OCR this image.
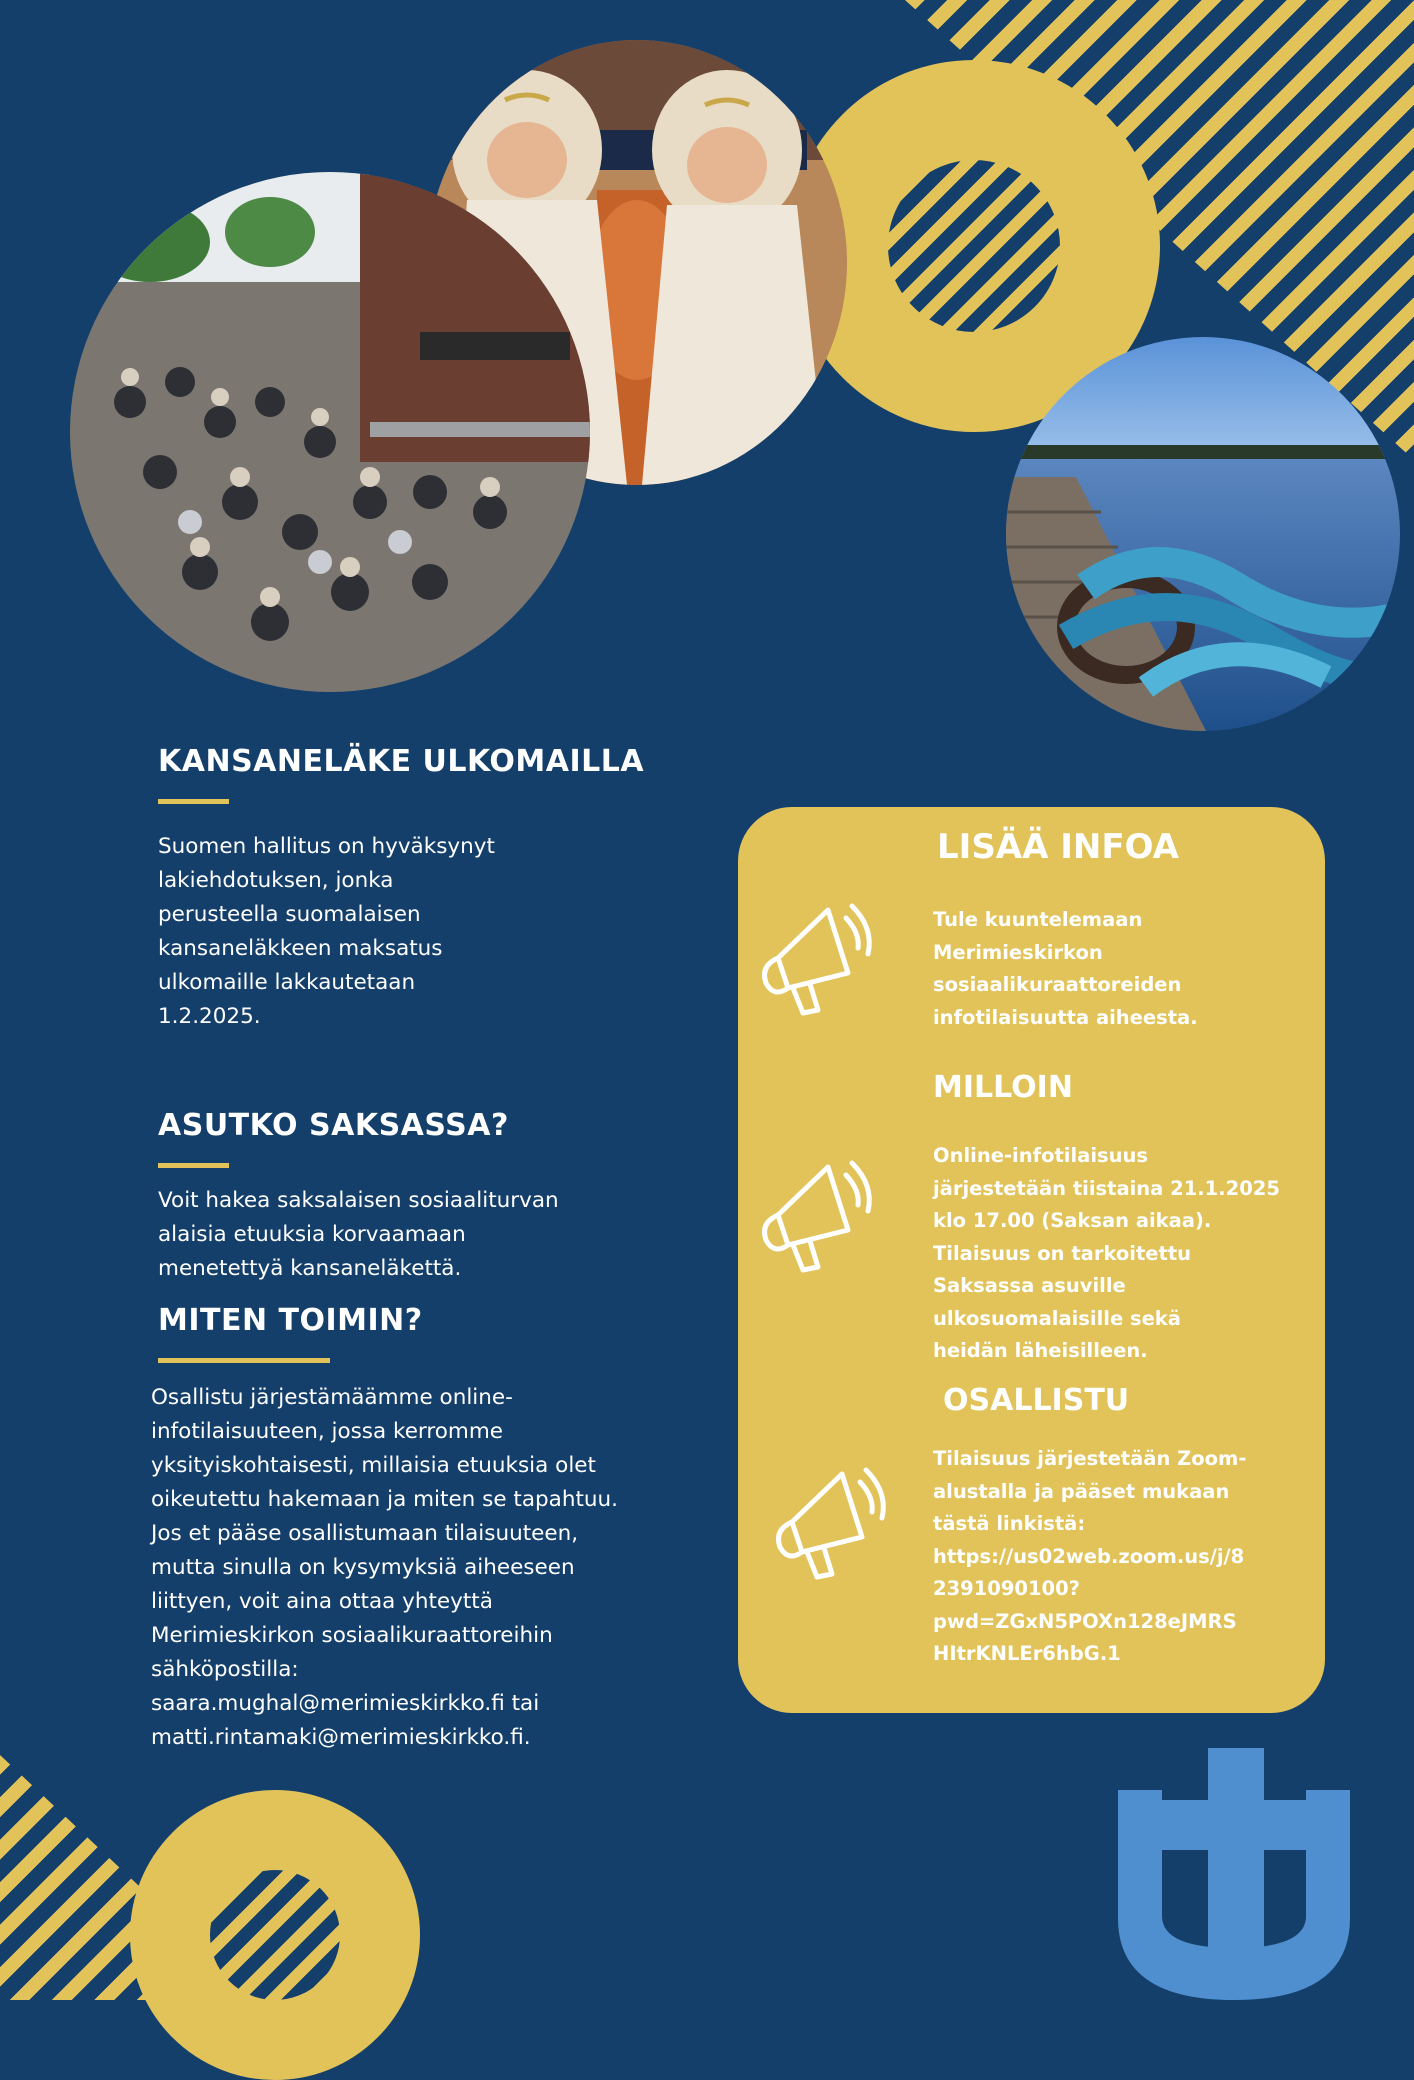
KANSANELÄKE ULKOMAILLA

Suomen hallitus on hyväksynyt
lakiehdotuksen, jonka
perusteella suomalaisen
kansaneläkkeen maksatus
ulkomaille lakkautetaan
1.2.2025.

ASUTKO SAKSASSA?

Voit hakea saksalaisen sosiaaliturvan
alaisia etuuksia korvaamaan
menetettyä kansaneläkettä.

MITEN TOIMIN?

Osallistu järjestämäämme online-
infotilaisuuteen, jossa kerromme
yksityiskohtaisesti, millaisia etuuksia olet
oikeutettu hakemaan ja miten se tapahtuu.
Jos et pääse osallistumaan tilaisuuteen,
mutta sinulla on kysymyksiä aiheeseen
liittyen, voit aina ottaa yhteyttä
Merimieskirkon sosiaalikuraattoreihin
sähköpostilla:
saara.mughal@merimieskirkko.fi tai
matti.rintamaki@merimieskirkko.fi.

LISÄÄ INFOA

Tule kuuntelemaan
Merimieskirkon
sosiaalikuraattoreiden
infotilaisuutta aiheesta.

MILLOIN

Online-infotilaisuus
järjestetään tiistaina 21.1.2025
klo 17.00 (Saksan aikaa).
Tilaisuus on tarkoitettu
Saksassa asuville
ulkosuomalaisille sekä
heidän läheisilleen.

OSALLISTU

Tilaisuus järjestetään Zoom-
alustalla ja pääset mukaan
tästä linkistä:
https://us02web.zoom.us/j/8
2391090100?
pwd=ZGxN5POXn128eJMRS
HItrKNLEr6hbG.1
